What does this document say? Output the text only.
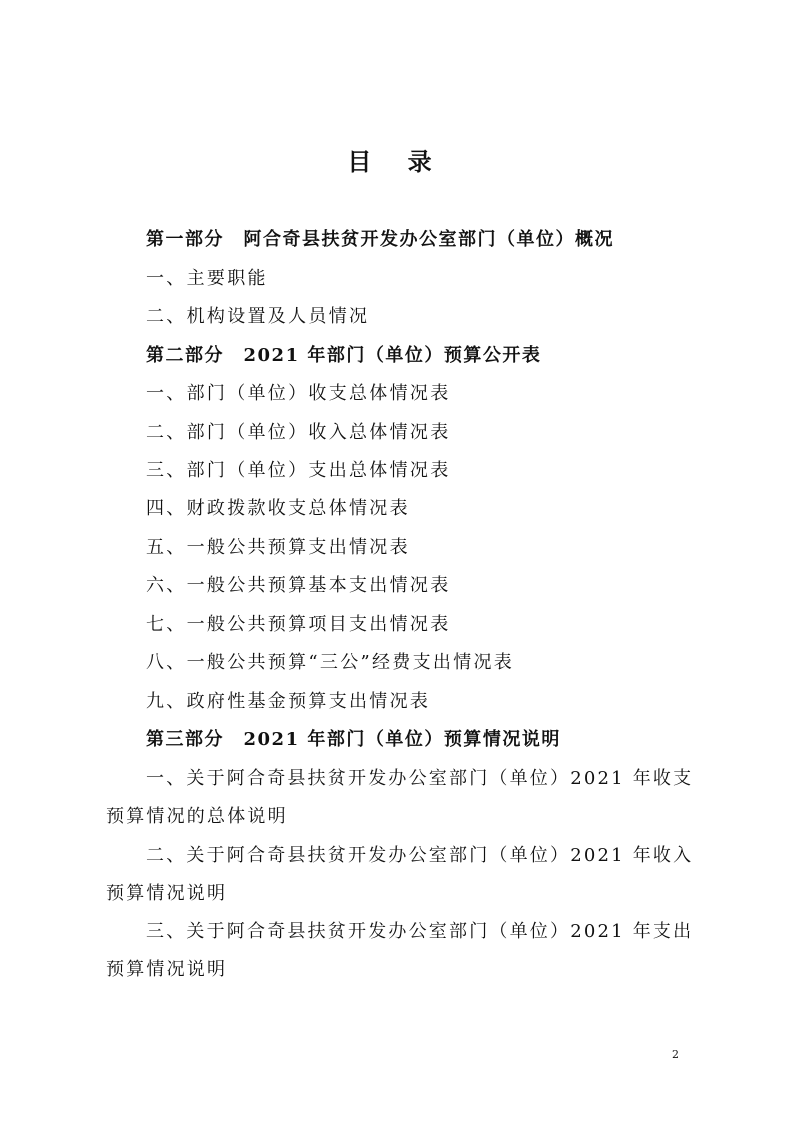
目 录
第一部分　阿合奇县扶贫开发办公室部门（单位）概况
一、主要职能
二、机构设置及人员情况
第二部分　2021 年部门（单位）预算公开表
一、部门（单位）收支总体情况表
二、部门（单位）收入总体情况表
三、部门（单位）支出总体情况表
四、财政拨款收支总体情况表
五、一般公共预算支出情况表
六、一般公共预算基本支出情况表
七、一般公共预算项目支出情况表
八、一般公共预算“三公”经费支出情况表
九、政府性基金预算支出情况表
第三部分　2021 年部门（单位）预算情况说明
一、关于阿合奇县扶贫开发办公室部门（单位）2021 年收支预算情况的总体说明
二、关于阿合奇县扶贫开发办公室部门（单位）2021 年收入预算情况说明
三、关于阿合奇县扶贫开发办公室部门（单位）2021 年支出预算情况说明
2
